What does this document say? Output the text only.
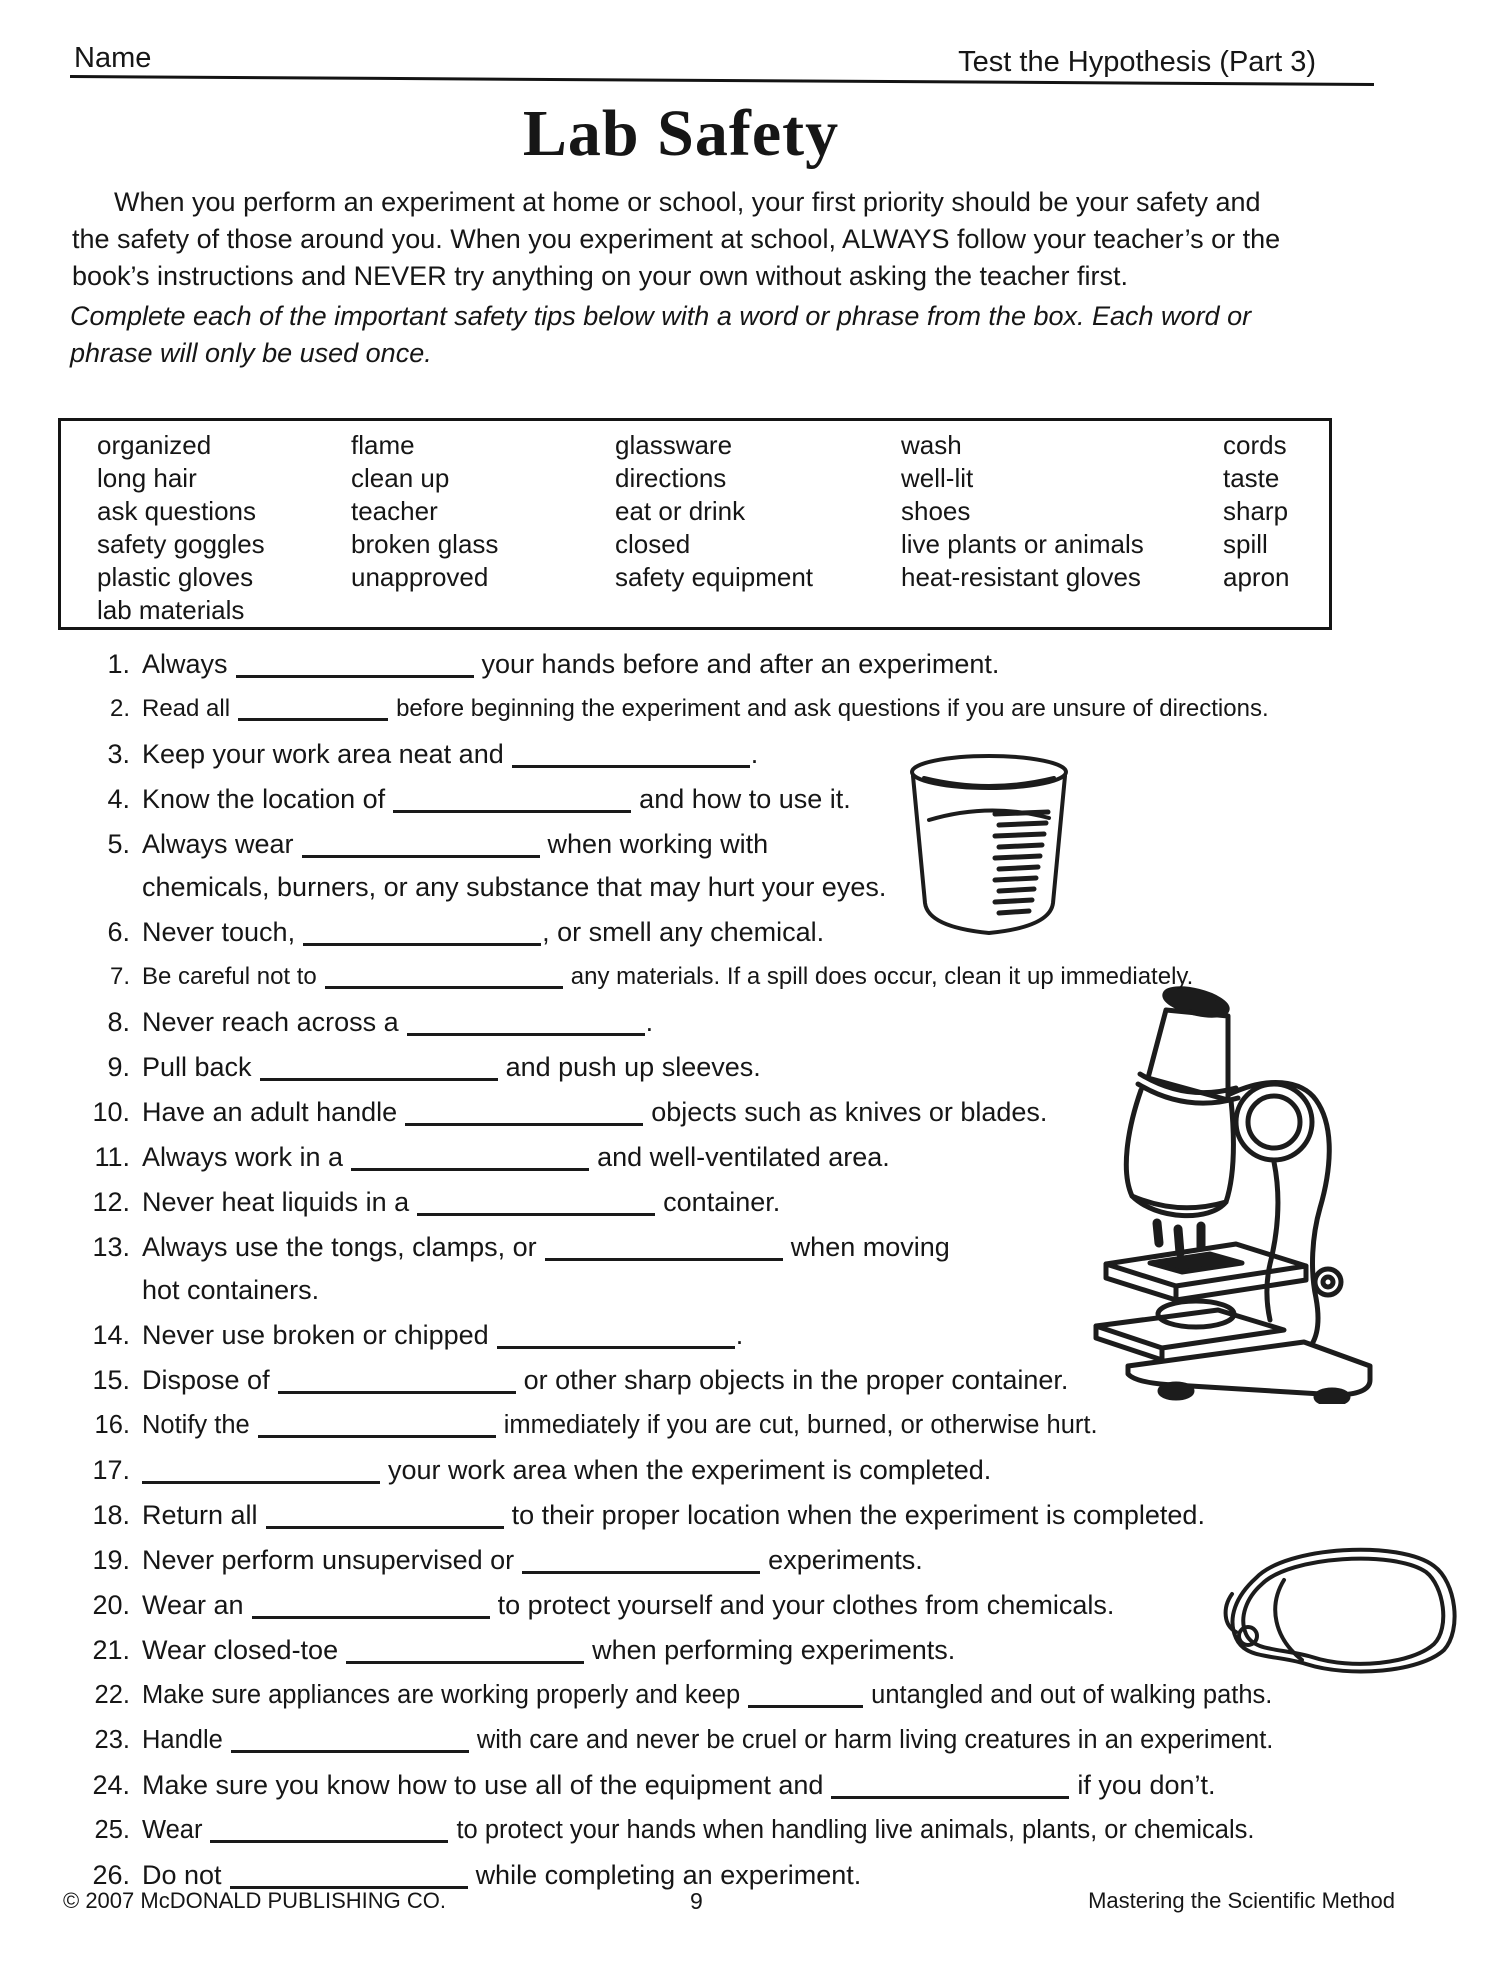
Name	Test the Hypothesis (Part 3)
Lab Safety
When you perform an experiment at home or school, your first priority should be your safety and
the safety of those around you. When you experiment at school, ALWAYS follow your teacher’s or the
book’s instructions and NEVER try anything on your own without asking the teacher first.
Complete each of the important safety tips below with a word or phrase from the box. Each word or
phrase will only be used once.
organized
long hair
ask questions
safety goggles
plastic gloves
lab materials
flame
clean up
teacher
broken glass
unapproved
glassware
directions
eat or drink
closed
safety equipment
wash
well-lit
shoes
live plants or animals
heat-resistant gloves
cords
taste
sharp
spill
apron
1. Always	your hands before and after an experiment.
2. Read all	before beginning the experiment and ask questions if you are unsure of directions.
3. Keep your work area neat and	.
4. Know the location of	and how to use it.
5. Always wear	when working with
chemicals, burners, or any substance that may hurt your eyes.
6. Never touch,	, or smell any chemical.
7. Be careful not to	any materials. If a spill does occur, clean it up immediately.
8. Never reach across a	.
9. Pull back	and push up sleeves.
10. Have an adult handle	objects such as knives or blades.
11. Always work in a	and well-ventilated area.
12. Never heat liquids in a	container.
13. Always use the tongs, clamps, or	when moving
hot containers.
14. Never use broken or chipped	.
15. Dispose of	or other sharp objects in the proper container.
16. Notify the	immediately if you are cut, burned, or otherwise hurt.
17.	your work area when the experiment is completed.
18. Return all	to their proper location when the experiment is completed.
19. Never perform unsupervised or	experiments.
20. Wear an	to protect yourself and your clothes from chemicals.
21. Wear closed-toe	when performing experiments.
22. Make sure appliances are working properly and keep	untangled and out of walking paths.
23. Handle	with care and never be cruel or harm living creatures in an experiment.
24. Make sure you know how to use all of the equipment and	if you don’t.
25. Wear	to protect your hands when handling live animals, plants, or chemicals.
26. Do not	while completing an experiment.
© 2007 McDONALD PUBLISHING CO.	9	Mastering the Scientific Method
